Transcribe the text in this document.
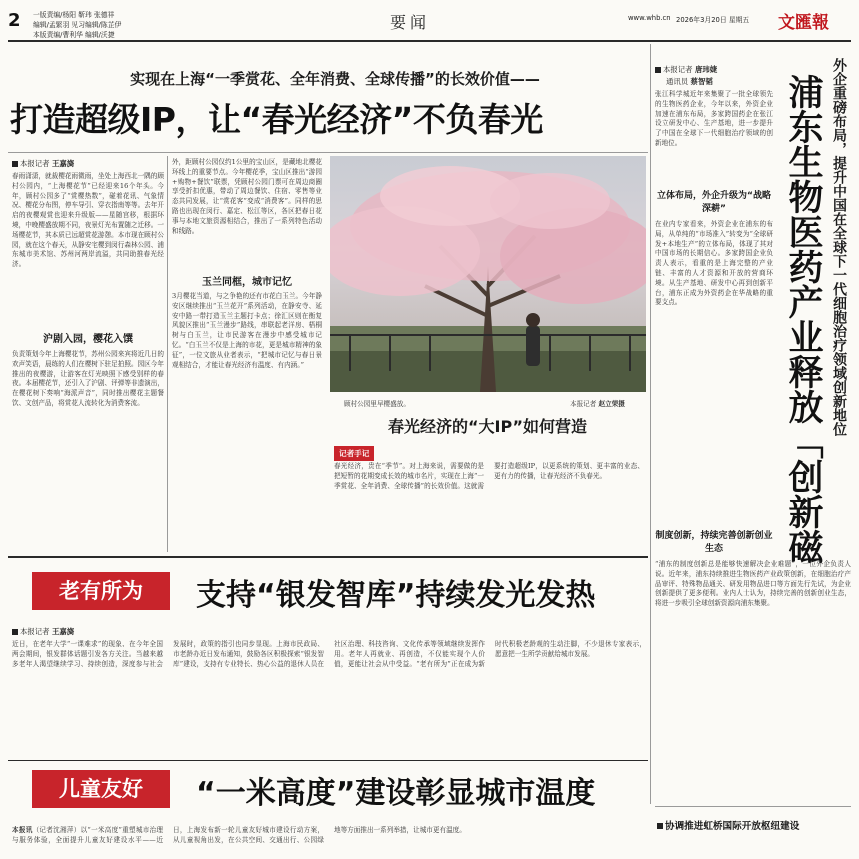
2 一版责编/杨阳 靳玮 张德祥
编辑/孟繁羽 见习编辑/陈芷伊
本版责编/曹利华 编辑/沃捷
要闻	www.whb.cn 2026年3月20日 星期五 文匯報
实现在上海“一季赏花、全年消费、全球传播”的长效价值——
打造超级IP，让“春光经济”不负春光
本报记者 王嘉旖
春雨潇潇，就裁樱花雨微雨，坐处上海西北一隅的顾村公园内，“上海樱花节”已经迎来16个年头。今年，顾村公园多了“赏樱热数”，碰着花讯、气象情况、樱花分布图，停车导引、穿衣指南等等。去年开启的夜樱观赏也迎来升级版——星随宫移，根据环境，中晚樱盛放期不同，夜景灯光布置随之迁移。一场樱花节，其本质已远超赏花游憩。本市现在顾村公园，就在这个春天，从静安宅樱到闵行森林公园、浦东城市美术馆、苏州河两岸流溢，共同助推春光经济。
沪剧入园，樱花入馔
负责策划今年上海樱花节，苏州公园来宾将近几日的欢声笑语，晨练的人们在樱树下驻足拍照。园区今年推出的夜樱游，让游客在灯光映照下感受别样的春夜。本届樱花节，还引入了沪剧、评弹等非遗演出，在樱花树下奏响“海派声音”，同时推出樱花主题餐饮、文创产品，将赏花人流转化为消费客流。
外，距顾村公园仅约1公里的宝山区，是藏地北樱花环线上的重要节点。今年樱花季，宝山区推出“游园+购物+餐饮”联票，凭顾村公园门票可在周边商圈享受折扣优惠，带动了周边餐饮、住宿、零售等业态共同发展，让“赏花客”变成“消费客”。同样的思路也出现在闵行、嘉定、松江等区，各区把春日花事与本地文旅资源相结合，推出了一系列特色活动和线路。
玉兰同框，城市记忆
3月樱花当道，与之争艳的还有市花白玉兰。今年静安区继续推出“玉兰花开”系列活动，在静安寺、延安中路一带打造玉兰主题打卡点；徐汇区则在衡复风貌区推出“玉兰漫步”路线，串联起老洋房、梧桐树与白玉兰，让市民游客在漫步中感受城市记忆。“白玉兰不仅是上海的市花，更是城市精神的象征”，一位文旅从业者表示，“把城市记忆与春日景观相结合，才能让春光经济有温度、有内涵。”
顾村公园里早樱盛放。	本报记者 赵立荣摄
春光经济的“大IP”如何营造
记者手记
春光经济，贵在“季节”。对上海来说，需要做的是把短暂的花期变成长效的城市名片，实现在上海“一季赏花、全年消费、全球传播”的长效价值。这就需要打造超级IP，以更系统的策划、更丰富的业态、更有力的传播，让春光经济不负春光。
本报记者 唐玮婕
通讯员 蔡智韬
张江科学城近年来集聚了一批全球领先的生物医药企业，今年以来，外资企业加速在浦东布局，多家跨国药企在张江设立研发中心、生产基地，进一步提升了中国在全球下一代细胞治疗领域的创新地位。	外企重磅布局，提升中国在全球下一代细胞治疗领域创新地位
浦东生物医药产业释放「创新磁
立体布局，外企升级为“战略深耕”
在业内专家看来，外资企业在浦东的布局，从单纯的“市场准入”转变为“全球研发+本地生产”的立体布局，体现了其对中国市场的长期信心。多家跨国企业负责人表示，看重的是上海完整的产业链、丰富的人才资源和开放的营商环境。从生产基地、研发中心再到创新平台，浦东正成为外资药企在华战略的重要支点。
制度创新，持续完善创新创业生态
“浦东的制度创新总是能够快速解决企业难题”，一位外企负责人说。近年来，浦东持续推进生物医药产业政策创新，在细胞治疗产品审评、特殊物品通关、研发用物品进口等方面先行先试，为企业创新提供了更多便利。业内人士认为，持续完善的创新创业生态，将进一步吸引全球创新资源向浦东集聚。
老有所为	支持“银发智库”持续发光发热
本报记者 王嘉旖
近日，在老年大学“一课难求”的现象、在今年全国两会期间，银发群体话题引发各方关注。当越来越多老年人渴望继续学习、持续创造，深度参与社会发展时，政策的指引也同步显现。上海市民政局、市老龄办近日发布通知，鼓励各区积极探索“银发智库”建设，支持有专业特长、热心公益的退休人员在社区治理、科技咨询、文化传承等领域继续发挥作用。老年人再就业、再创造，不仅能实现个人价值，更能让社会从中受益。“老有所为”正在成为新时代积极老龄观的生动注脚，不少退休专家表示，愿意把一生所学贡献给城市发展。
儿童友好	“一米高度”建设彰显城市温度
本报讯（记者沈湘萍）以“一米高度”重塑城市治理与服务体验，全面提升儿童友好建设水平——近日，上海发布新一轮儿童友好城市建设行动方案，从儿童视角出发，在公共空间、交通出行、公园绿地等方面推出一系列举措，让城市更有温度。	协调推进虹桥国际开放枢纽建设
